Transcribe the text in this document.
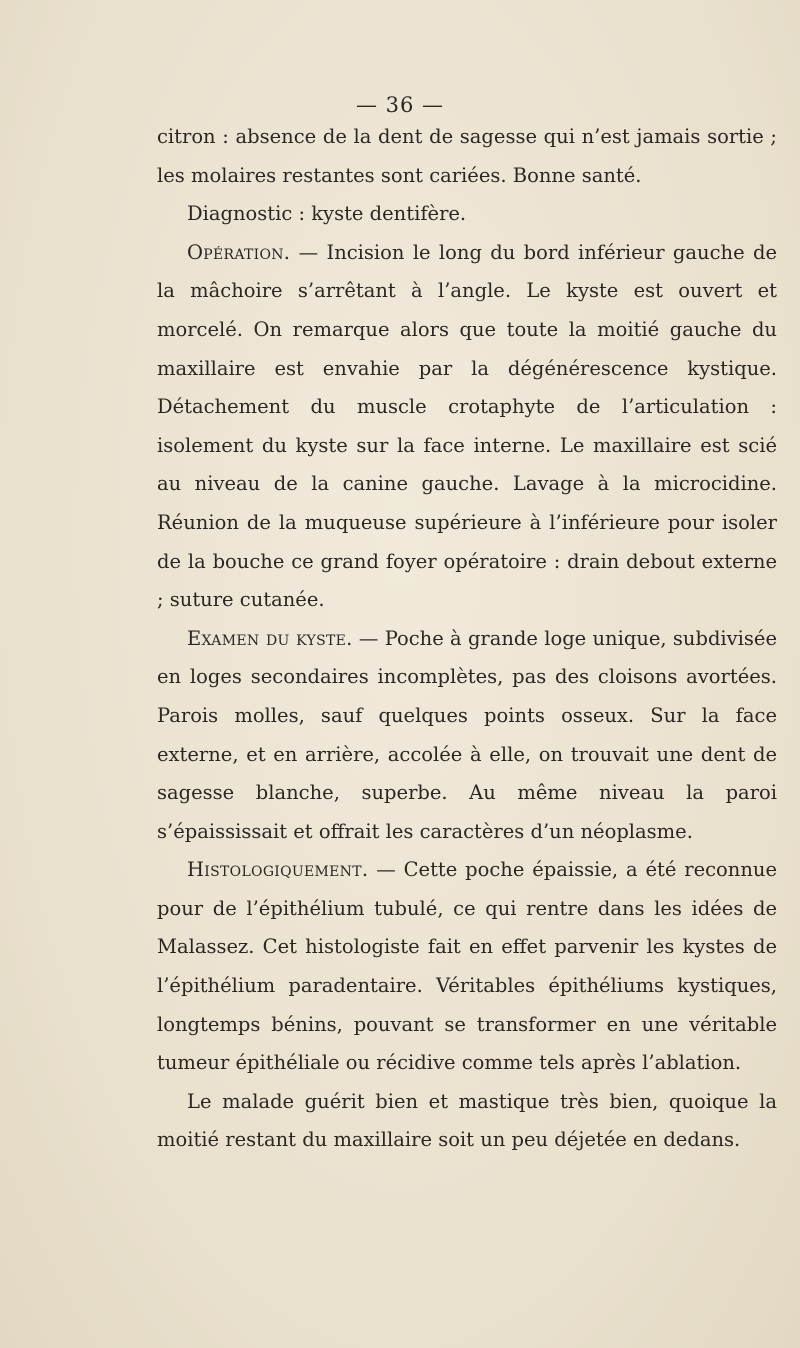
— 36 —

citron : absence de la dent de sagesse qui n’est jamais sortie ; les molaires restantes sont cariées. Bonne santé.

Diagnostic : kyste dentifère.

Opération. — Incision le long du bord inférieur gauche de la mâchoire s’arrêtant à l’angle. Le kyste est ouvert et morcelé. On remarque alors que toute la moitié gauche du maxillaire est envahie par la dégénérescence kystique. Détachement du muscle crotaphyte de l’articulation : isolement du kyste sur la face interne. Le maxillaire est scié au niveau de la canine gauche. Lavage à la microcidine. Réunion de la muqueuse supérieure à l’inférieure pour isoler de la bouche ce grand foyer opératoire : drain debout externe ; suture cutanée.

Examen du kyste. — Poche à grande loge unique, subdivisée en loges secondaires incomplètes, pas des cloisons avortées. Parois molles, sauf quelques points osseux. Sur la face externe, et en arrière, accolée à elle, on trouvait une dent de sagesse blanche, superbe. Au même niveau la paroi s’épaississait et offrait les caractères d’un néoplasme.

Histologiquement. — Cette poche épaissie, a été reconnue pour de l’épithélium tubulé, ce qui rentre dans les idées de Malassez. Cet histologiste fait en effet parvenir les kystes de l’épithélium paradentaire. Véritables épithéliums kystiques, longtemps bénins, pouvant se transformer en une véritable tumeur épithéliale ou récidive comme tels après l’ablation.

Le malade guérit bien et mastique très bien, quoique la moitié restant du maxillaire soit un peu déjetée en dedans.
